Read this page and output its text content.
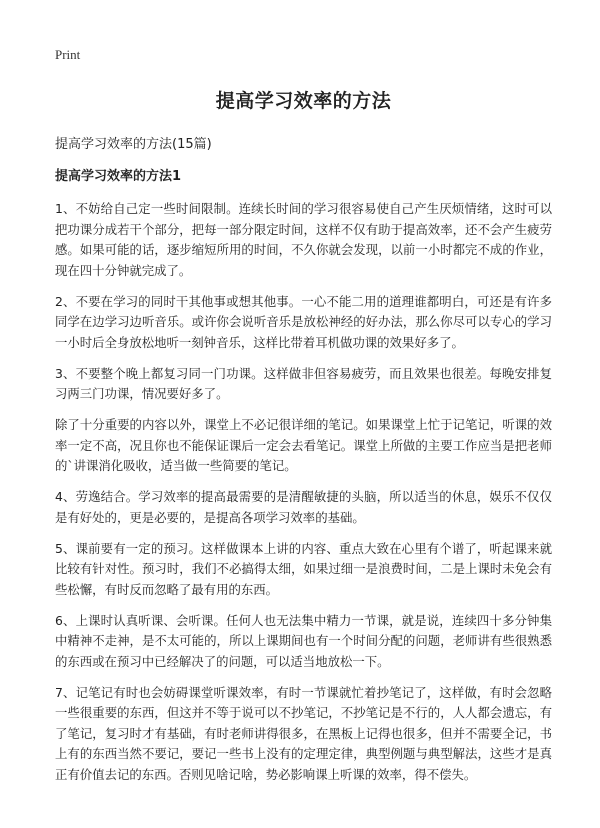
Print
提高学习效率的方法

提高学习效率的方法(15篇)

提高学习效率的方法1

1、不妨给自己定一些时间限制。连续长时间的学习很容易使自己产生厌烦情绪，这时可以把功课分成若干个部分，把每一部分限定时间，这样不仅有助于提高效率，还不会产生疲劳感。如果可能的话，逐步缩短所用的时间，不久你就会发现，以前一小时都完不成的作业，现在四十分钟就完成了。

2、不要在学习的同时干其他事或想其他事。一心不能二用的道理谁都明白，可还是有许多同学在边学习边听音乐。或许你会说听音乐是放松神经的好办法，那么你尽可以专心的学习一小时后全身放松地听一刻钟音乐，这样比带着耳机做功课的效果好多了。

3、不要整个晚上都复习同一门功课。这样做非但容易疲劳，而且效果也很差。每晚安排复习两三门功课，情况要好多了。

除了十分重要的内容以外，课堂上不必记很详细的笔记。如果课堂上忙于记笔记，听课的效率一定不高，况且你也不能保证课后一定会去看笔记。课堂上所做的主要工作应当是把老师的`讲课消化吸收，适当做一些简要的笔记。

4、劳逸结合。学习效率的提高最需要的是清醒敏捷的头脑，所以适当的休息，娱乐不仅仅是有好处的，更是必要的，是提高各项学习效率的基础。

5、课前要有一定的预习。这样做课本上讲的内容、重点大致在心里有个谱了，听起课来就比较有针对性。预习时，我们不必搞得太细，如果过细一是浪费时间，二是上课时未免会有些松懈，有时反而忽略了最有用的东西。

6、上课时认真听课、会听课。任何人也无法集中精力一节课，就是说，连续四十多分钟集中精神不走神，是不太可能的，所以上课期间也有一个时间分配的问题，老师讲有些很熟悉的东西或在预习中已经解决了的问题，可以适当地放松一下。

7、记笔记有时也会妨碍课堂听课效率，有时一节课就忙着抄笔记了，这样做，有时会忽略一些很重要的东西，但这并不等于说可以不抄笔记，不抄笔记是不行的，人人都会遗忘，有了笔记，复习时才有基础，有时老师讲得很多，在黑板上记得也很多，但并不需要全记，书上有的东西当然不要记，要记一些书上没有的定理定律，典型例题与典型解法，这些才是真正有价值去记的东西。否则见啥记啥，势必影响课上听课的效率，得不偿失。
